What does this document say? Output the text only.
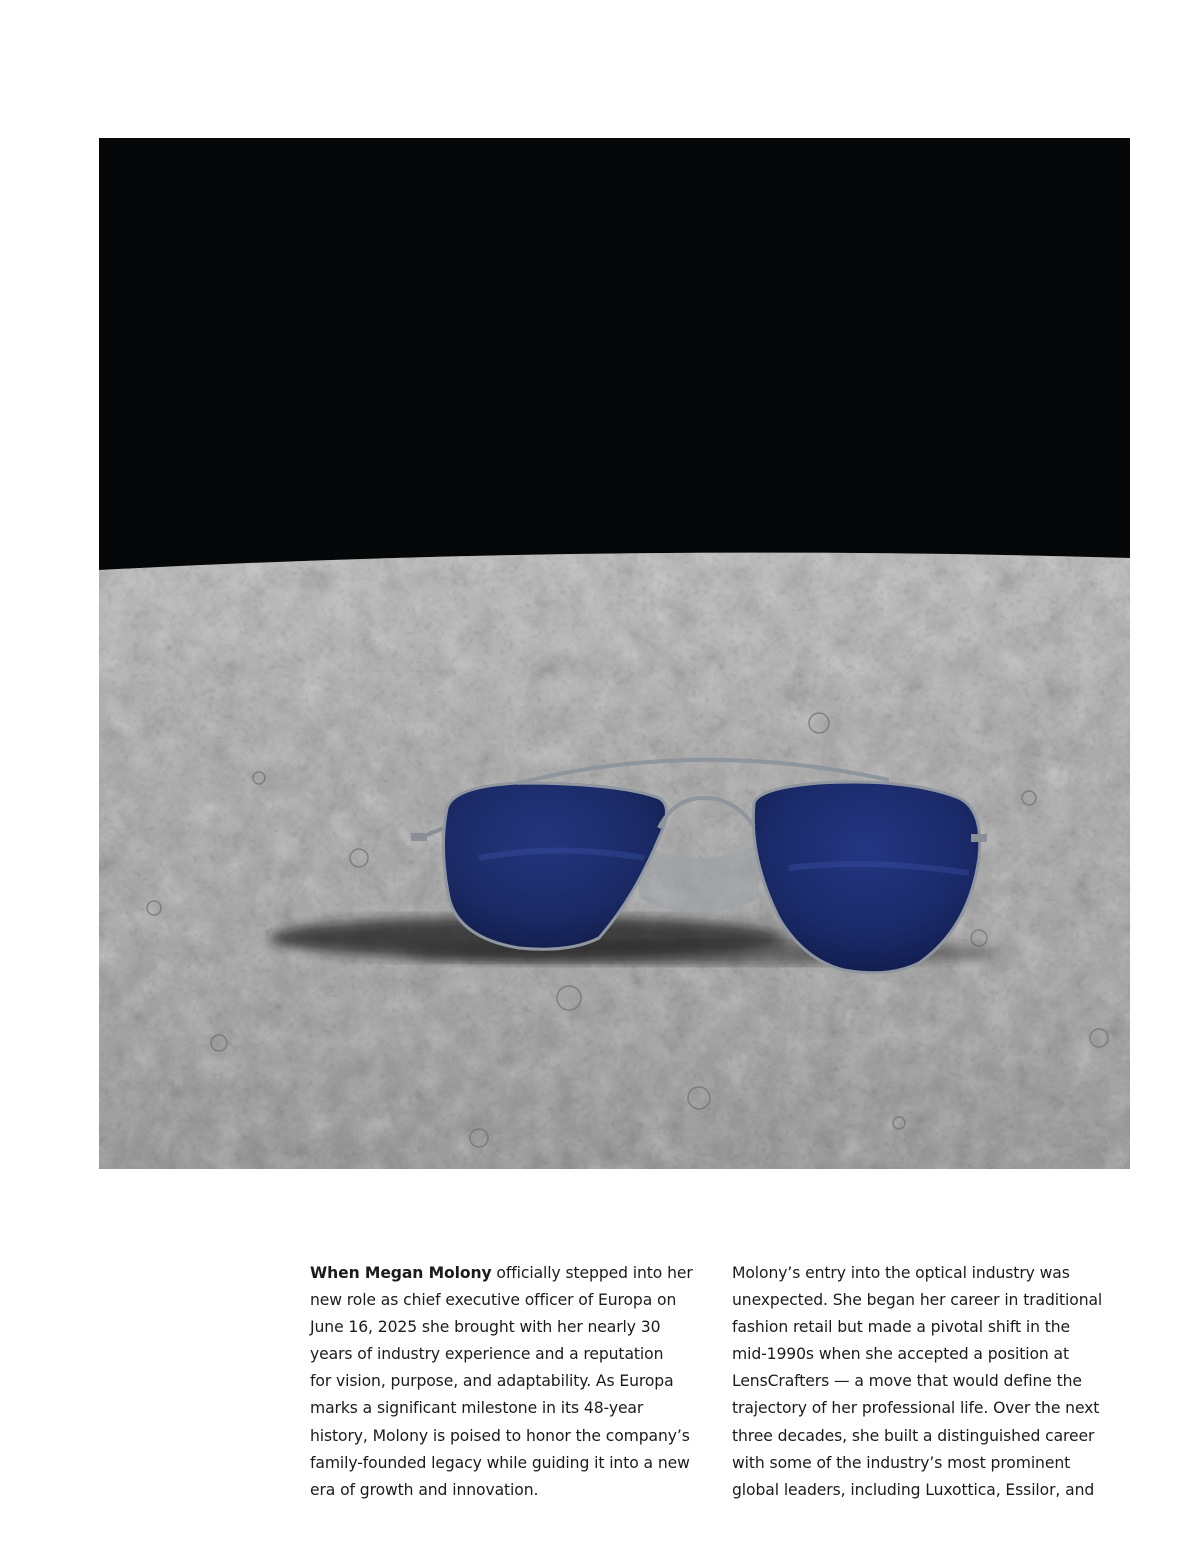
When Megan Molony officially stepped into her
new role as chief executive officer of Europa on
June 16, 2025 she brought with her nearly 30
years of industry experience and a reputation
for vision, purpose, and adaptability. As Europa
marks a significant milestone in its 48-year
history, Molony is poised to honor the company’s
family-founded legacy while guiding it into a new
era of growth and innovation.
Molony’s entry into the optical industry was
unexpected. She began her career in traditional
fashion retail but made a pivotal shift in the
mid-1990s when she accepted a position at
LensCrafters — a move that would define the
trajectory of her professional life. Over the next
three decades, she built a distinguished career
with some of the industry’s most prominent
global leaders, including Luxottica, Essilor, and
